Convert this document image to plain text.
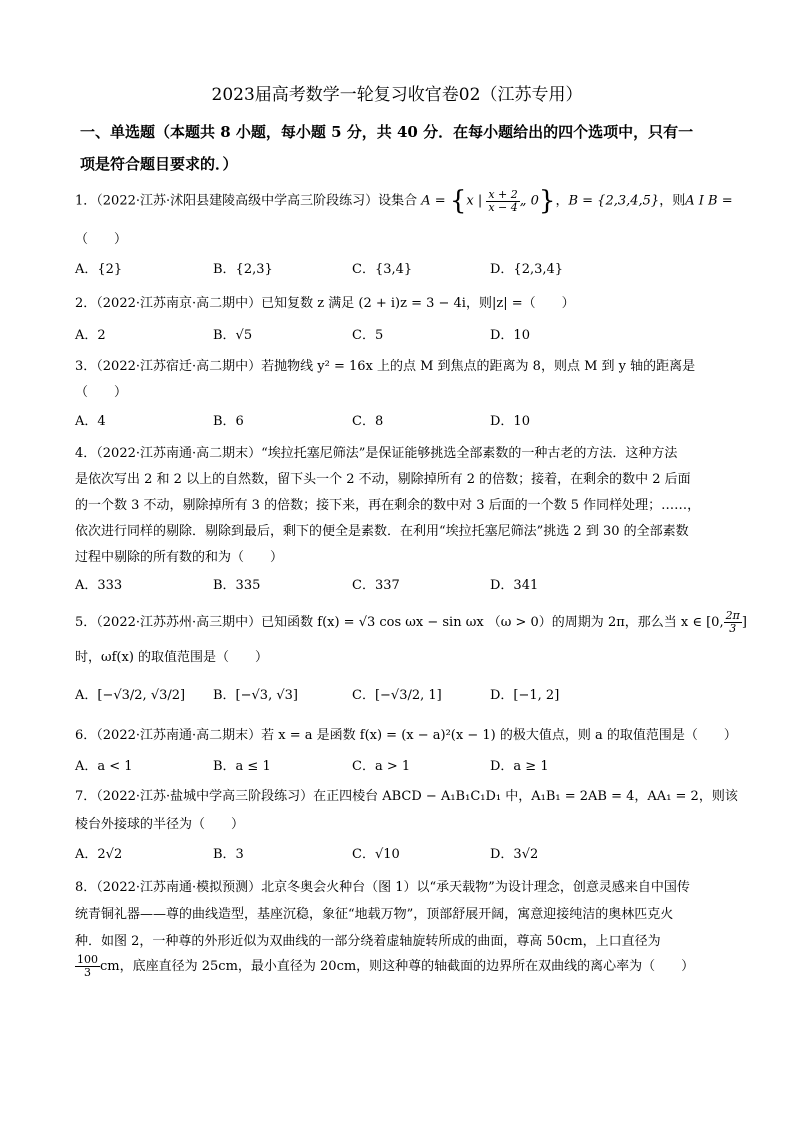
2023届高考数学一轮复习收官卷02（江苏专用）
一、单选题（本题共 8 小题，每小题 5 分，共 40 分．在每小题给出的四个选项中，只有一
项是符合题目要求的．）
1．（2022·江苏·沭阳县建陵高级中学高三阶段练习）设集合 A = {x | $\frac{x + 2}{x - 4}$ „ 0}，B = {2,3,4,5}，则A I B =
（　　）
A．{2}	B．{2,3}	C．{3,4}	D．{2,3,4}
2．（2022·江苏南京·高二期中）已知复数 z 满足 (2 + i)z = 3 − 4i，则|z| =（　　）
A．2	B．√5	C．5	D．10
3．（2022·江苏宿迁·高二期中）若抛物线 y² = 16x 上的点 M 到焦点的距离为 8，则点 M 到 y 轴的距离是
（　　）
A．4	B．6	C．8	D．10
4．（2022·江苏南通·高二期末）“埃拉托塞尼筛法”是保证能够挑选全部素数的一种古老的方法．这种方法
是依次写出 2 和 2 以上的自然数，留下头一个 2 不动，剔除掉所有 2 的倍数；接着，在剩余的数中 2 后面
的一个数 3 不动，剔除掉所有 3 的倍数；接下来，再在剩余的数中对 3 后面的一个数 5 作同样处理；……，
依次进行同样的剔除．剔除到最后，剩下的便全是素数．在利用“埃拉托塞尼筛法”挑选 2 到 30 的全部素数
过程中剔除的所有数的和为（　　）
A．333	B．335	C．337	D．341
5．（2022·江苏苏州·高三期中）已知函数 f(x) = √3 cos ωx − sin ωx （ω > 0）的周期为 2π，那么当 x ∈ [0, $\frac{2\pi}{3}$ ]
时，ωf(x) 的取值范围是（　　）
A．[−√3/2, √3/2] B．[−√3, √3]	C．[−√3/2, 1]	D．[−1, 2]
6．（2022·江苏南通·高二期末）若 x = a 是函数 f(x) = (x − a)²(x − 1) 的极大值点，则 a 的取值范围是（　　）
A．a < 1	B．a ≤ 1	C．a > 1	D．a ≥ 1
7．（2022·江苏·盐城中学高三阶段练习）在正四棱台 ABCD − A₁B₁C₁D₁ 中，A₁B₁ = 2AB = 4，AA₁ = 2，则该
棱台外接球的半径为（　　）
A．2√2	B．3	C．√10	D．3√2
8．（2022·江苏南通·模拟预测）北京冬奥会火种台（图 1）以“承天载物”为设计理念，创意灵感来自中国传
统青铜礼器——尊的曲线造型，基座沉稳，象征“地载万物”，顶部舒展开阔，寓意迎接纯洁的奥林匹克火
种．如图 2，一种尊的外形近似为双曲线的一部分绕着虚轴旋转所成的曲面，尊高 50cm，上口直径为
$\frac{100}{3}$ cm，底座直径为 25cm，最小直径为 20cm，则这种尊的轴截面的边界所在双曲线的离心率为（　　）
